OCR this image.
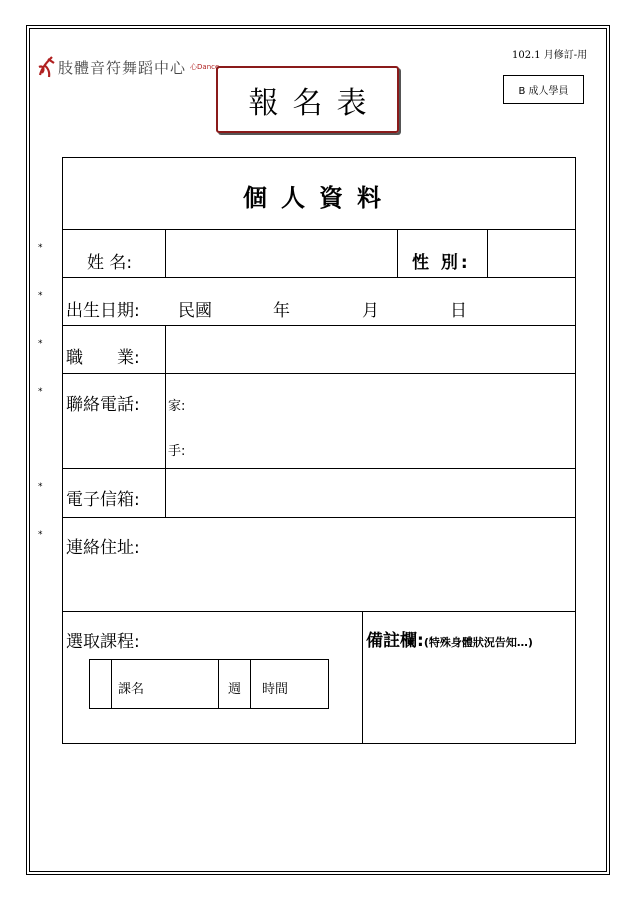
102.1 月修訂-用
B 成人學員
肢體音符舞蹈中心 心Dance
報名表
個人資料
*
*
*
*
*
*
姓 名:	性 別:
出生日期: 民國	年	月	日
職　　業:
聯絡電話: 家:
手:
電子信箱:
連絡住址:
選取課程:	備註欄:(特殊身體狀況告知…)
課名	週 時間
